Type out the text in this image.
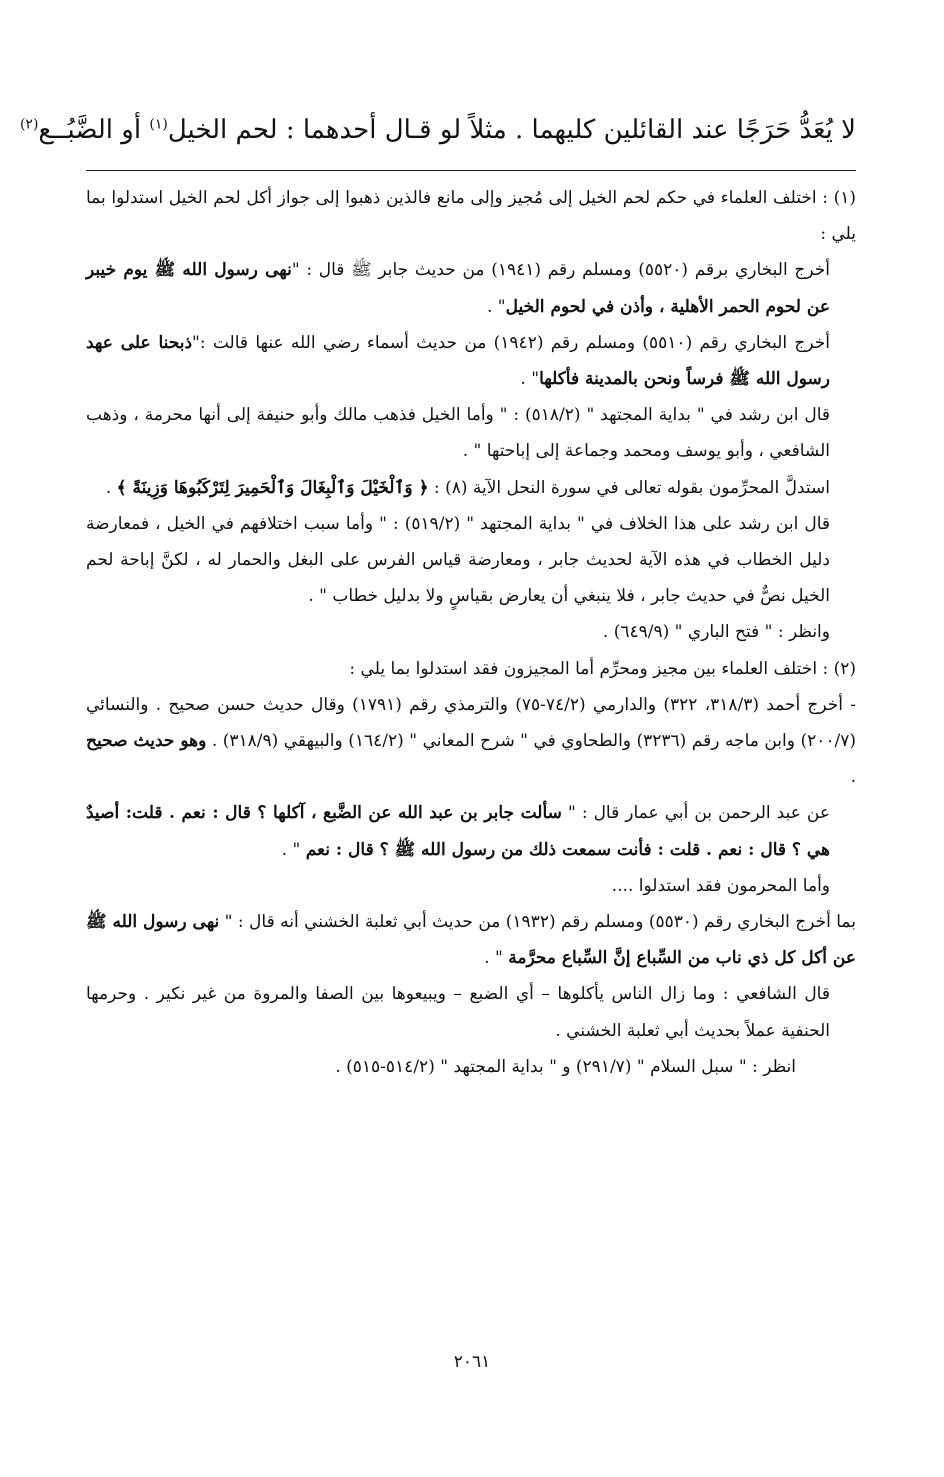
لا يُعَدُّ حَرَجًا عند القائلين كليهما . مثلاً لو قـال أحدهما : لحم الخيل$^{(١)}$ أو الضَّبُــع$^{(٢)}$

(١) : اختلف العلماء في حكم لحم الخيل إلى مُجيز وإلى مانع فالذين ذهبوا إلى جواز أكل لحم الخيل استدلوا بما يلي :

أخرج البخاري برقم (٥٥٢٠) ومسلم رقم (١٩٤١) من حديث جابر ﷺ قال : "نهى رسول الله ﷺ يوم خيبر عن لحوم الحمر الأهلية ، وأذن في لحوم الخيل" .

أخرج البخاري رقم (٥٥١٠) ومسلم رقم (١٩٤٢) من حديث أسماء رضي الله عنها قالت :"ذبحنا على عهد رسول الله ﷺ فرساً ونحن بالمدينة فأكلها" .

قال ابن رشد في " بداية المجتهد " (٥١٨/٢) : " وأما الخيل فذهب مالك وأبو حنيفة إلى أنها محرمة ، وذهب الشافعي ، وأبو يوسف ومحمد وجماعة إلى إباحتها " .

استدلَّ المحرِّمون بقوله تعالى في سورة النحل الآية (٨) : ﴿ وَٱلْخَيْلَ وَٱلْبِغَالَ وَٱلْحَمِيرَ لِتَرْكَبُوهَا وَزِينَةً ﴾ .

قال ابن رشد على هذا الخلاف في " بداية المجتهد " (٥١٩/٢) : " وأما سبب اختلافهم في الخيل ، فمعارضة دليل الخطاب في هذه الآية لحديث جابر ، ومعارضة قياس الفرس على البغل والحمار له ، لكنَّ إباحة لحم الخيل نصٌّ في حديث جابر ، فلا ينبغي أن يعارض بقياسٍ ولا بدليل خطاب " .

وانظر : " فتح الباري " (٦٤٩/٩) .

(٢) : اختلف العلماء بين مجيز ومحرِّم أما المجيزون فقد استدلوا بما يلي :

- أخرج أحمد (٣١٨/٣، ٣٢٢) والدارمي (٧٤/٢-٧٥) والترمذي رقم (١٧٩١) وقال حديث حسن صحيح . والنسائي (٢٠٠/٧) وابن ماجه رقم (٣٢٣٦) والطحاوي في " شرح المعاني " (١٦٤/٢) والبيهقي (٣١٨/٩) . وهو حديث صحيح .

عن عبد الرحمن بن أبي عمار قال : " سألت جابر بن عبد الله عن الضَّبع ، آكلها ؟ قال : نعم . قلت: أصيدٌ هي ؟ قال : نعم . قلت : فأنت سمعت ذلك من رسول الله ﷺ ؟ قال : نعم " .

وأما المحرمون فقد استدلوا ....

بما أخرج البخاري رقم (٥٥٣٠) ومسلم رقم (١٩٣٢) من حديث أبي ثعلبة الخشني أنه قال : " نهى رسول الله ﷺ عن أكل كل ذي ناب من السِّباع إنَّ السِّباع محرَّمة " .

قال الشافعي : وما زال الناس يأكلوها – أي الضبع – ويبيعوها بين الصفا والمروة من غير نكير . وحرمها الحنفية عملاً بحديث أبي ثعلبة الخشني .

انظر : " سبل السلام " (٢٩١/٧) و " بداية المجتهد " (٥١٤/٢-٥١٥) .

٢٠٦١
